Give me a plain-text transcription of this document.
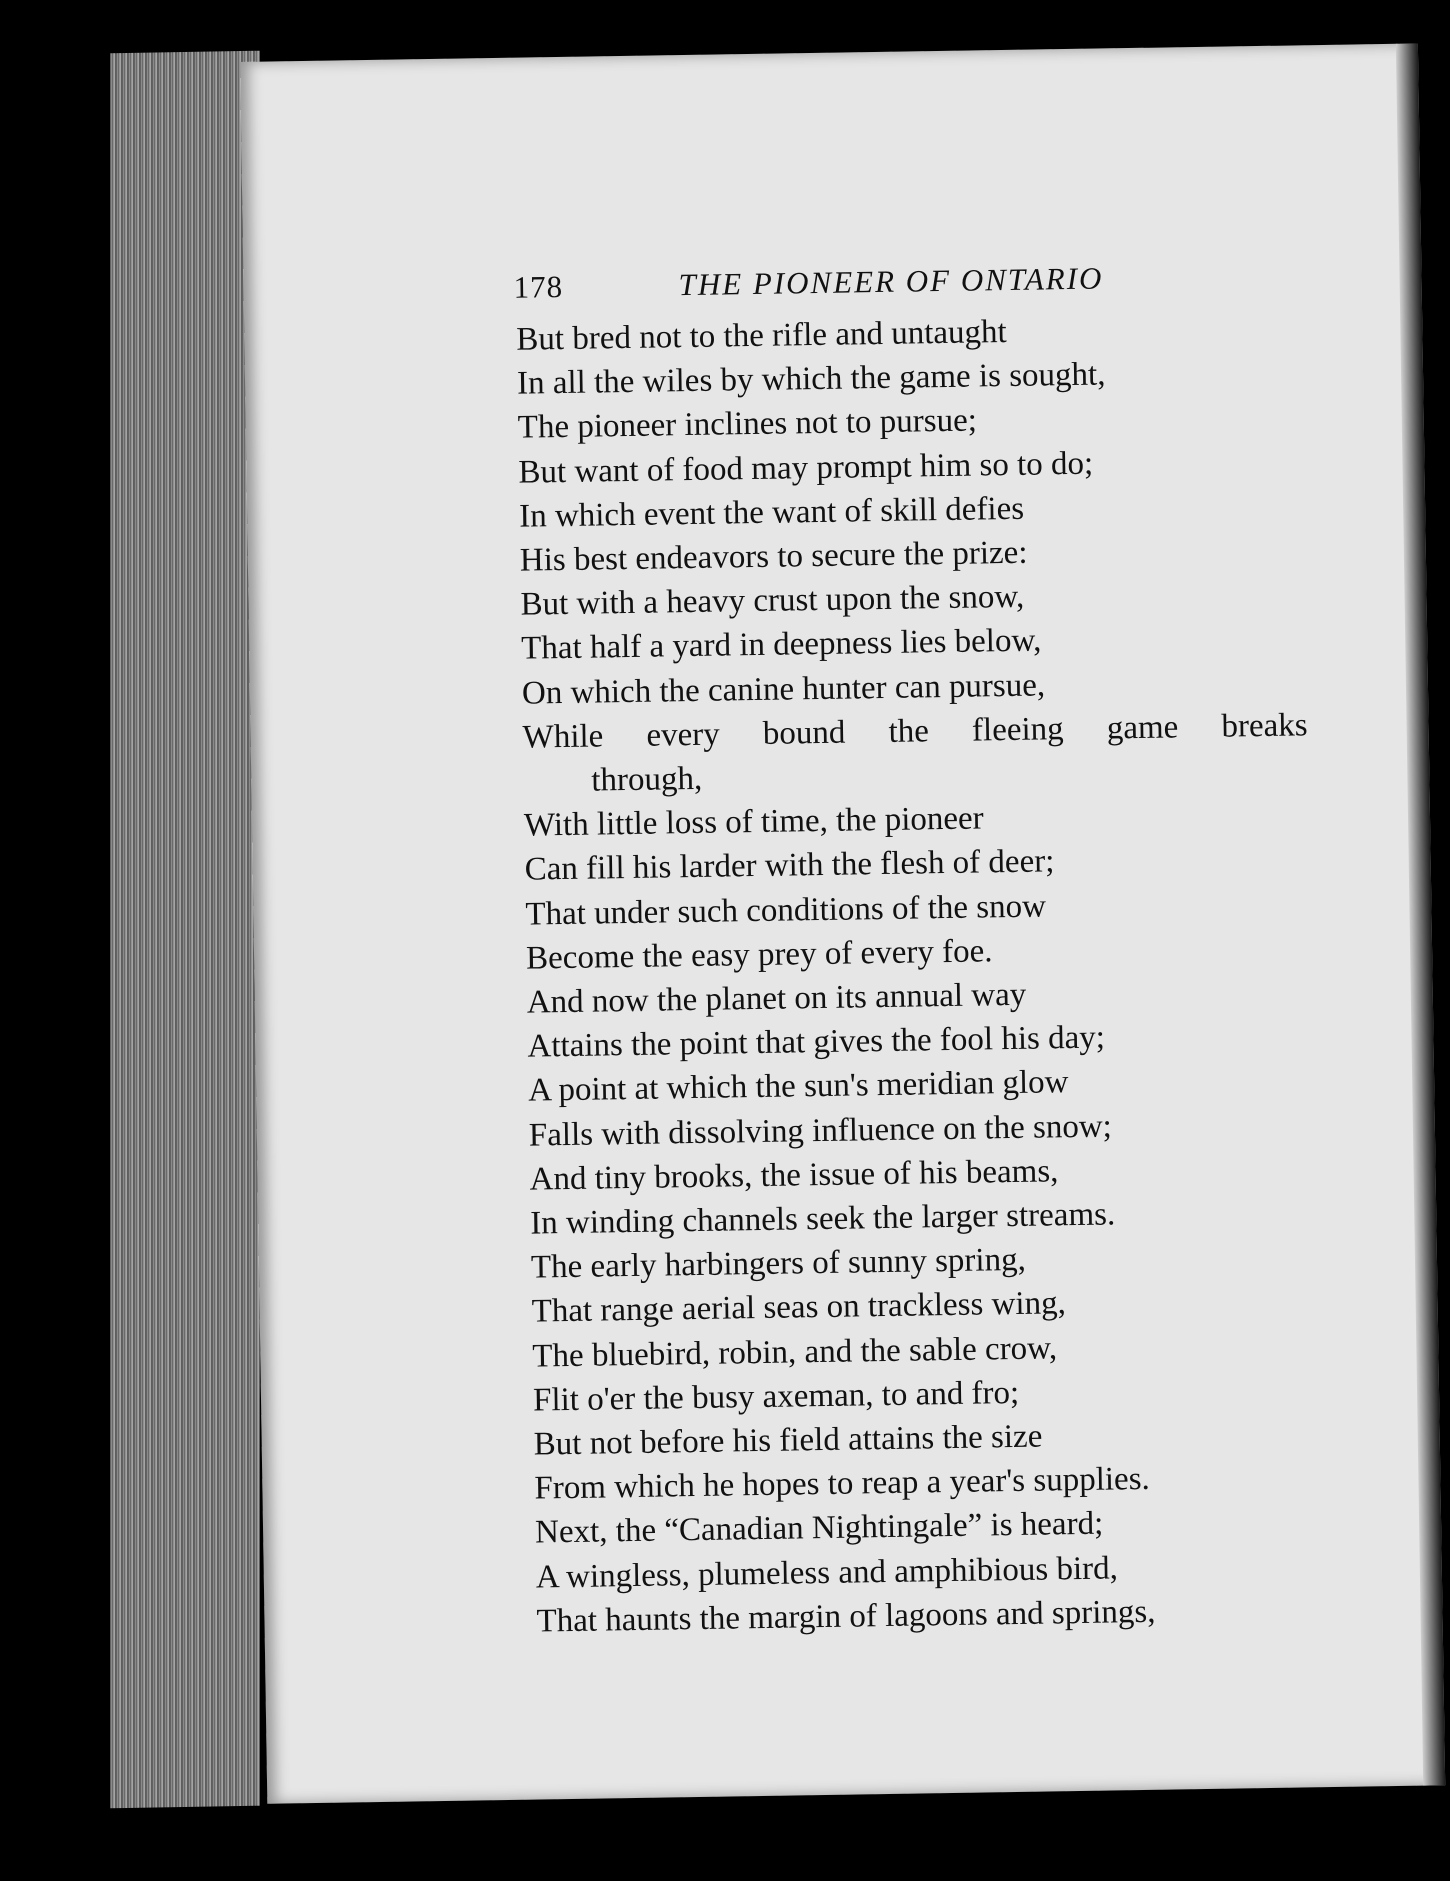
178	THE PIONEER OF ONTARIO
But bred not to the rifle and untaught
In all the wiles by which the game is sought,
The pioneer inclines not to pursue;
But want of food may prompt him so to do;
In which event the want of skill defies
His best endeavors to secure the prize:
But with a heavy crust upon the snow,
That half a yard in deepness lies below,
On which the canine hunter can pursue,
While every bound the fleeing game breaks
through,
With little loss of time, the pioneer
Can fill his larder with the flesh of deer;
That under such conditions of the snow
Become the easy prey of every foe.
And now the planet on its annual way
Attains the point that gives the fool his day;
A point at which the sun's meridian glow
Falls with dissolving influence on the snow;
And tiny brooks, the issue of his beams,
In winding channels seek the larger streams.
The early harbingers of sunny spring,
That range aerial seas on trackless wing,
The bluebird, robin, and the sable crow,
Flit o'er the busy axeman, to and fro;
But not before his field attains the size
From which he hopes to reap a year's supplies.
Next, the “Canadian Nightingale” is heard;
A wingless, plumeless and amphibious bird,
That haunts the margin of lagoons and springs,
